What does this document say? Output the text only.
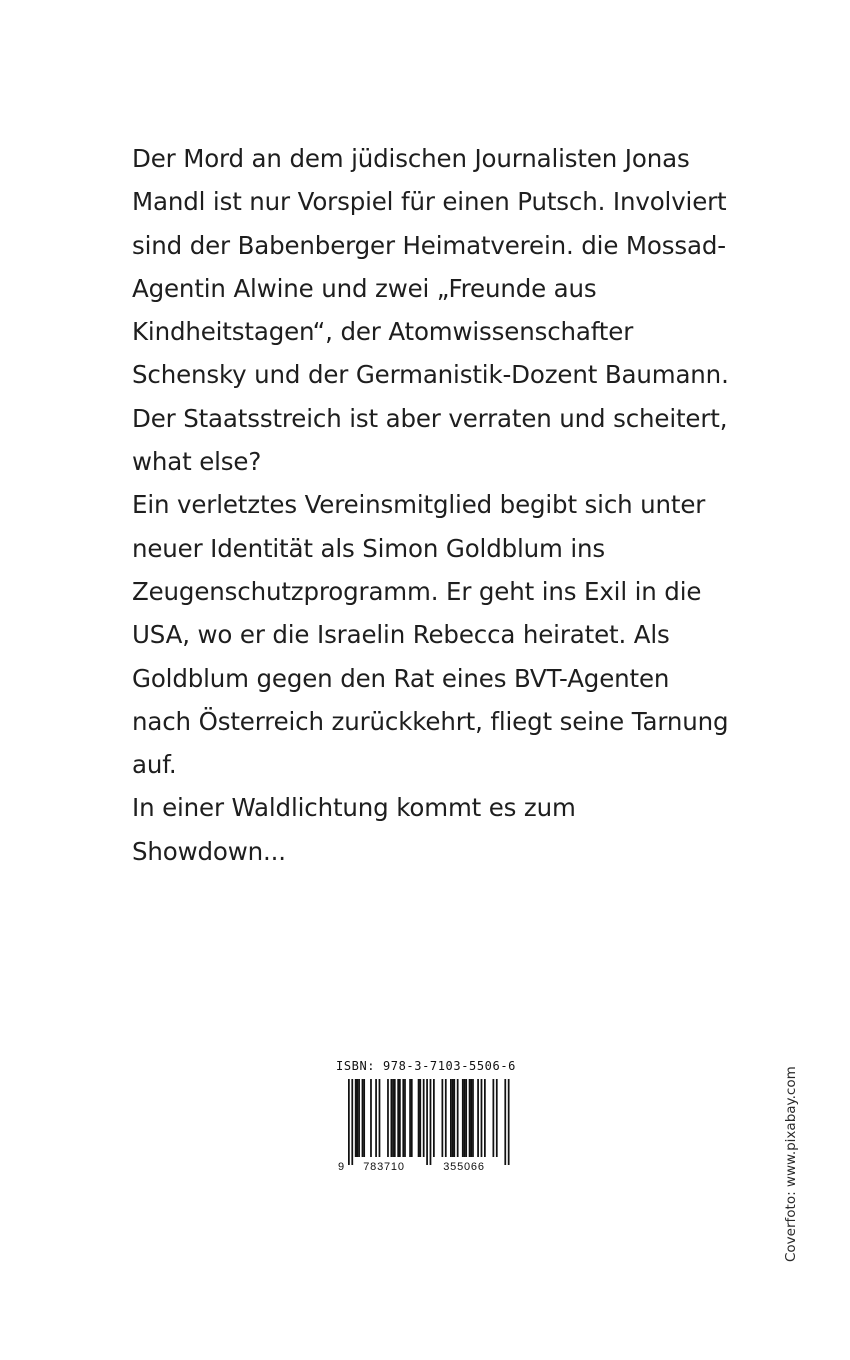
Der Mord an dem jüdischen Journalisten Jonas
Mandl ist nur Vorspiel für einen Putsch. Involviert
sind der Babenberger Heimatverein. die Mossad-
Agentin Alwine und zwei „Freunde aus
Kindheitstagen“, der Atomwissenschafter
Schensky und der Germanistik-Dozent Baumann.
Der Staatsstreich ist aber verraten und scheitert,
what else?
Ein verletztes Vereinsmitglied begibt sich unter
neuer Identität als Simon Goldblum ins
Zeugenschutzprogramm. Er geht ins Exil in die
USA, wo er die Israelin Rebecca heiratet. Als
Goldblum gegen den Rat eines BVT-Agenten
nach Österreich zurückkehrt, fliegt seine Tarnung
auf.
In einer Waldlichtung kommt es zum
Showdown...
ISBN: 978-3-7103-5506-6
9 783710	355066	Coverfoto: www.pixabay.com
